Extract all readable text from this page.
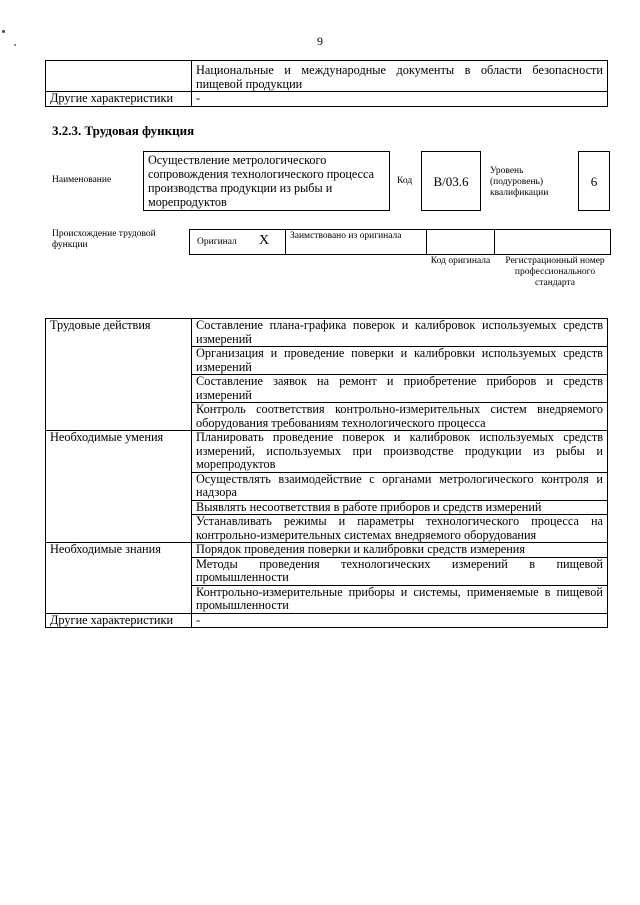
9
	Национальные и международные документы в области безопасности пищевой продукции
Другие характеристики	-
3.2.3. Трудовая функция
Наименование
Осуществление метрологического сопровождения технологического процесса производства продукции из рыбы и морепродуктов
Код	B/03.6
Уровень (подуровень) квалификации
6
Происхождение трудовой функции	Оригинал X Заимствовано из оригинала
Код оригинала	Регистрационный номер профессионального стандарта
Трудовые действия	Составление плана-графика поверок и калибровок используемых средств измерений
	Организация и проведение поверки и калибровки используемых средств измерений
	Составление заявок на ремонт и приобретение приборов и средств измерений
	Контроль соответствия контрольно-измерительных систем внедряемого оборудования требованиям технологического процесса
Необходимые умения	Планировать проведение поверок и калибровок используемых средств измерений, используемых при производстве продукции из рыбы и морепродуктов
	Осуществлять взаимодействие с органами метрологического контроля и надзора
	Выявлять несоответствия в работе приборов и средств измерений
	Устанавливать режимы и параметры технологического процесса на контрольно-измерительных системах внедряемого оборудования
Необходимые знания	Порядок проведения поверки и калибровки средств измерения
	Методы проведения технологических измерений в пищевой промышленности
	Контрольно-измерительные приборы и системы, применяемые в пищевой промышленности
Другие характеристики	-
